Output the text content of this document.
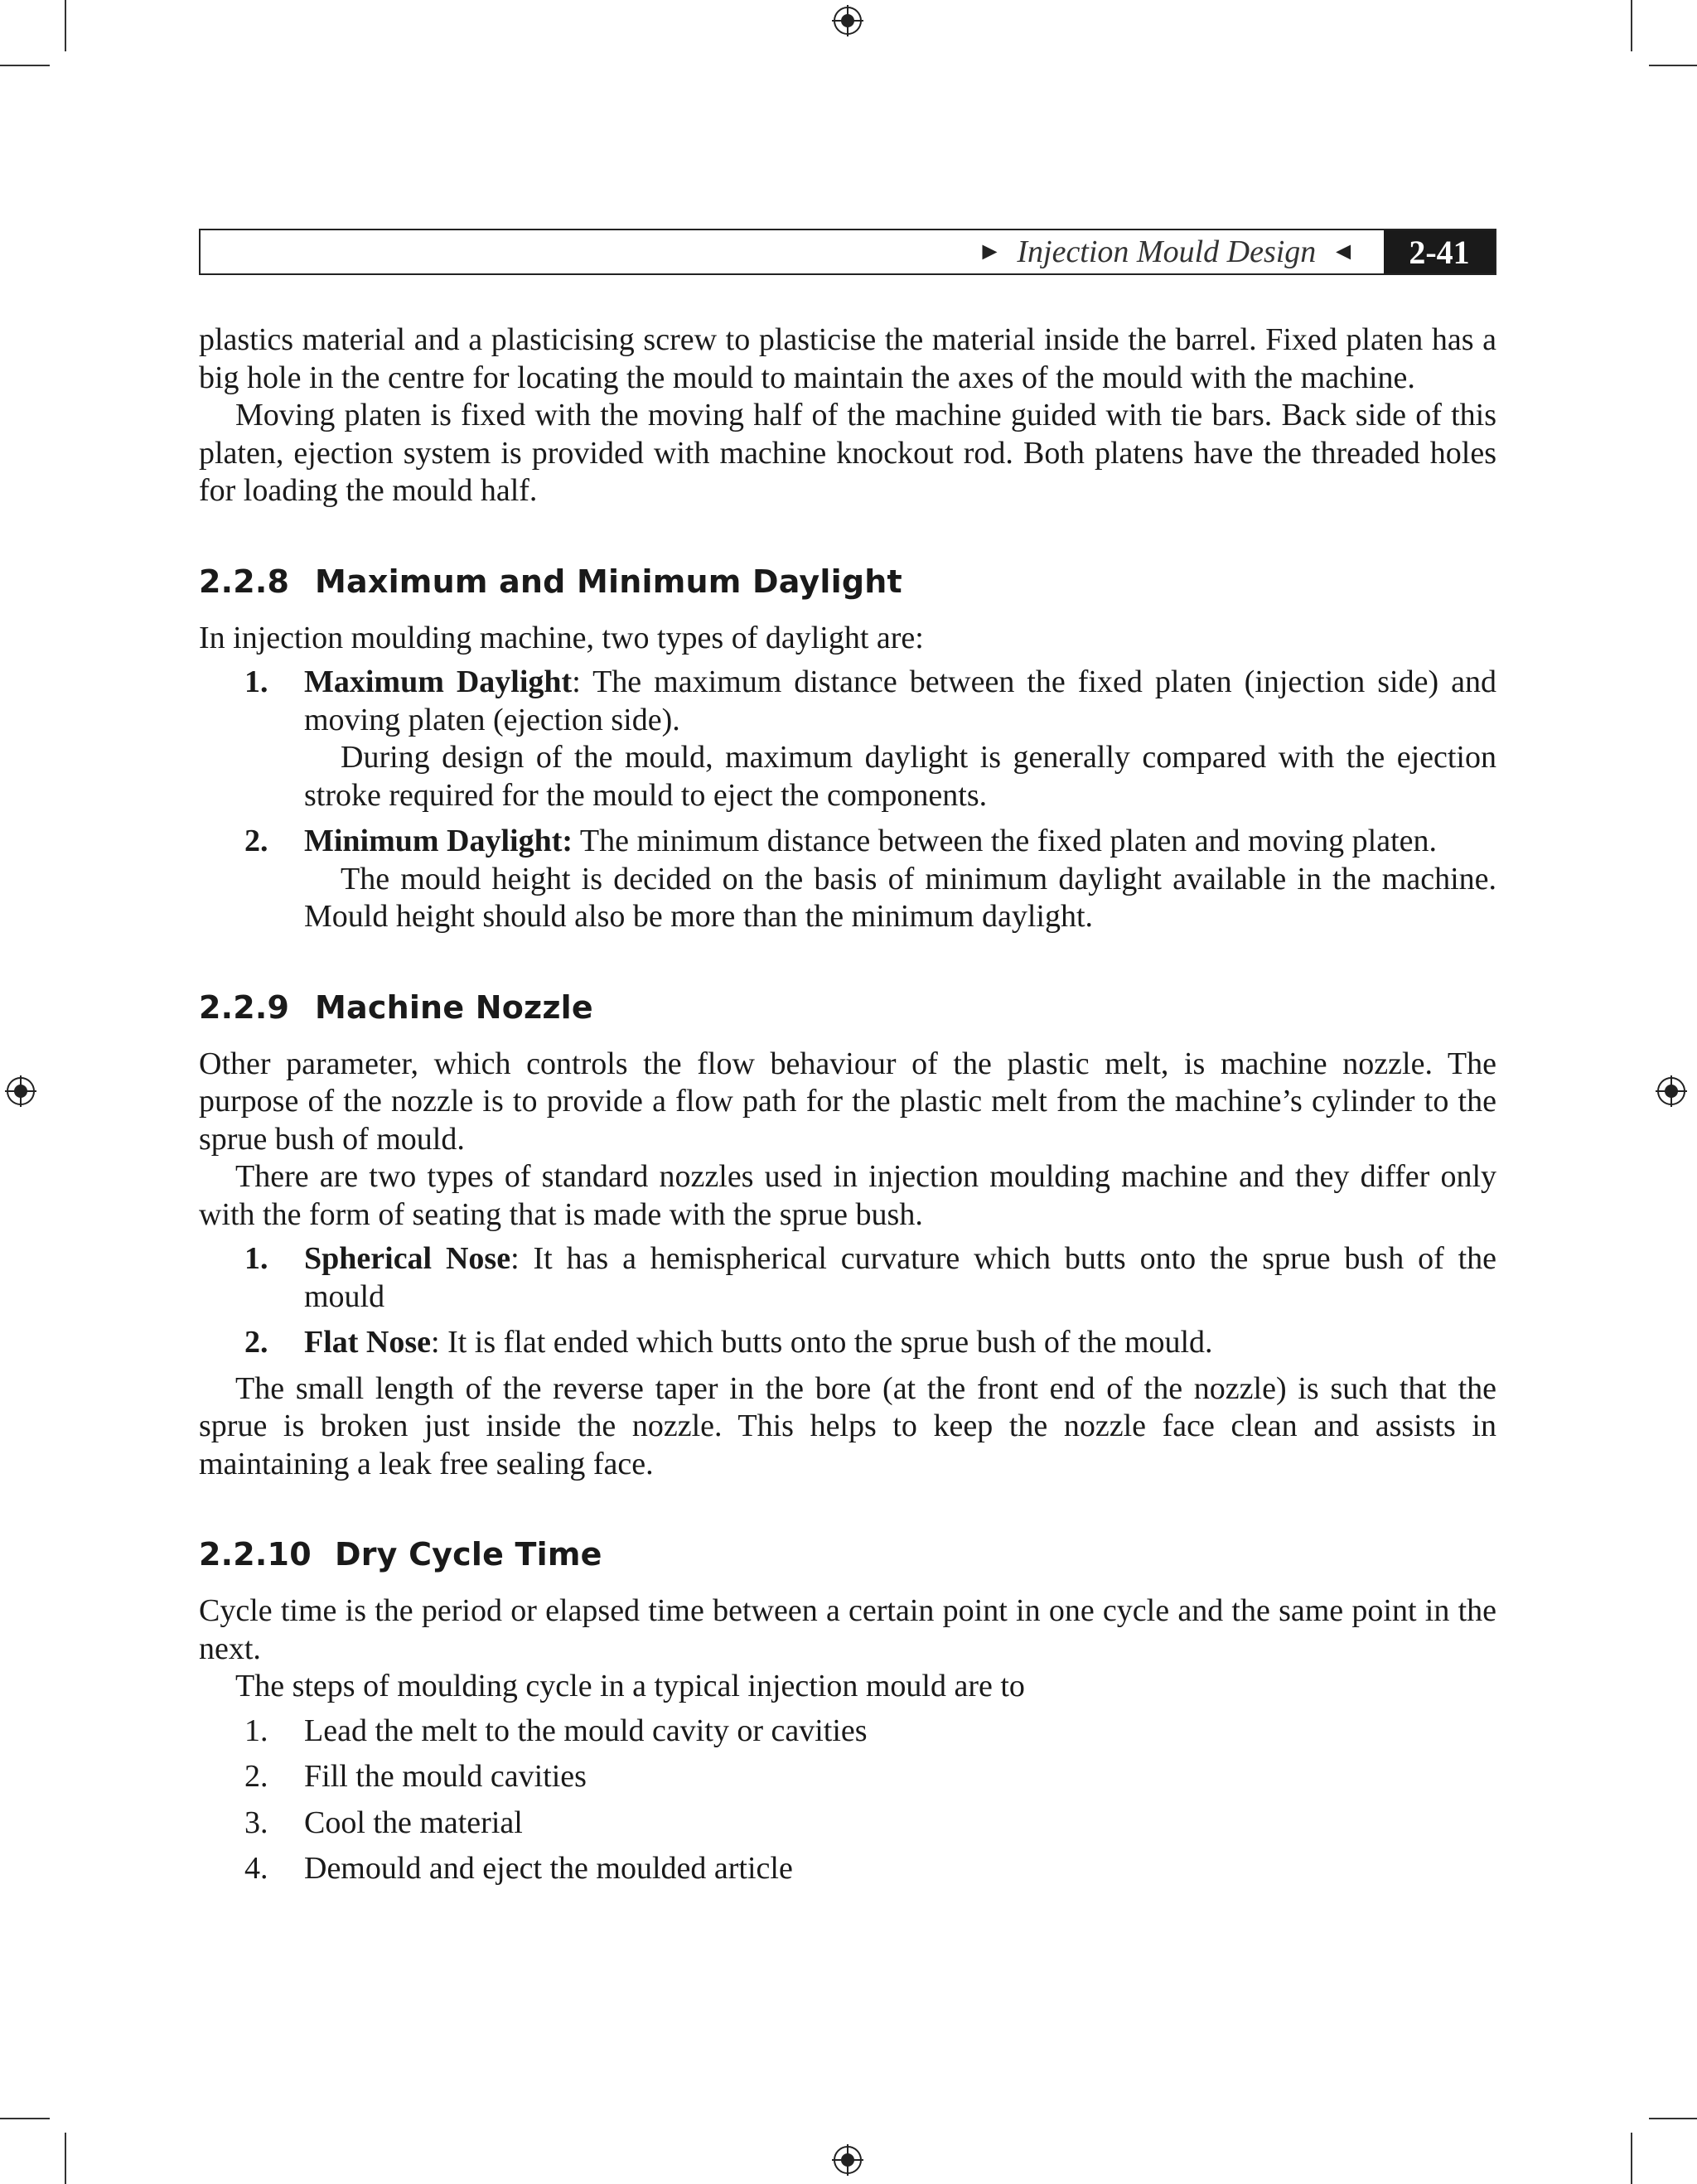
► Injection Mould Design ◄	2-41

plastics material and a plasticising screw to plasticise the material inside the barrel. Fixed platen has a big hole in the centre for locating the mould to maintain the axes of the mould with the machine.

Moving platen is fixed with the moving half of the machine guided with tie bars. Back side of this platen, ejection system is provided with machine knockout rod. Both platens have the threaded holes for loading the mould half.

2.2.8 Maximum and Minimum Daylight

In injection moulding machine, two types of daylight are:

1. Maximum Daylight: The maximum distance between the fixed platen (injection side) and moving platen (ejection side).

During design of the mould, maximum daylight is generally compared with the ejection stroke required for the mould to eject the components.

2. Minimum Daylight: The minimum distance between the fixed platen and moving platen.

The mould height is decided on the basis of minimum daylight available in the machine. Mould height should also be more than the minimum daylight.

2.2.9 Machine Nozzle

Other parameter, which controls the flow behaviour of the plastic melt, is machine nozzle. The purpose of the nozzle is to provide a flow path for the plastic melt from the machine’s cylinder to the sprue bush of mould.

There are two types of standard nozzles used in injection moulding machine and they differ only with the form of seating that is made with the sprue bush.

1. Spherical Nose: It has a hemispherical curvature which butts onto the sprue bush of the mould
2. Flat Nose: It is flat ended which butts onto the sprue bush of the mould.

The small length of the reverse taper in the bore (at the front end of the nozzle) is such that the sprue is broken just inside the nozzle. This helps to keep the nozzle face clean and assists in maintaining a leak free sealing face.

2.2.10 Dry Cycle Time

Cycle time is the period or elapsed time between a certain point in one cycle and the same point in the next.

The steps of moulding cycle in a typical injection mould are to

1. Lead the melt to the mould cavity or cavities
2. Fill the mould cavities
3. Cool the material
4. Demould and eject the moulded article
